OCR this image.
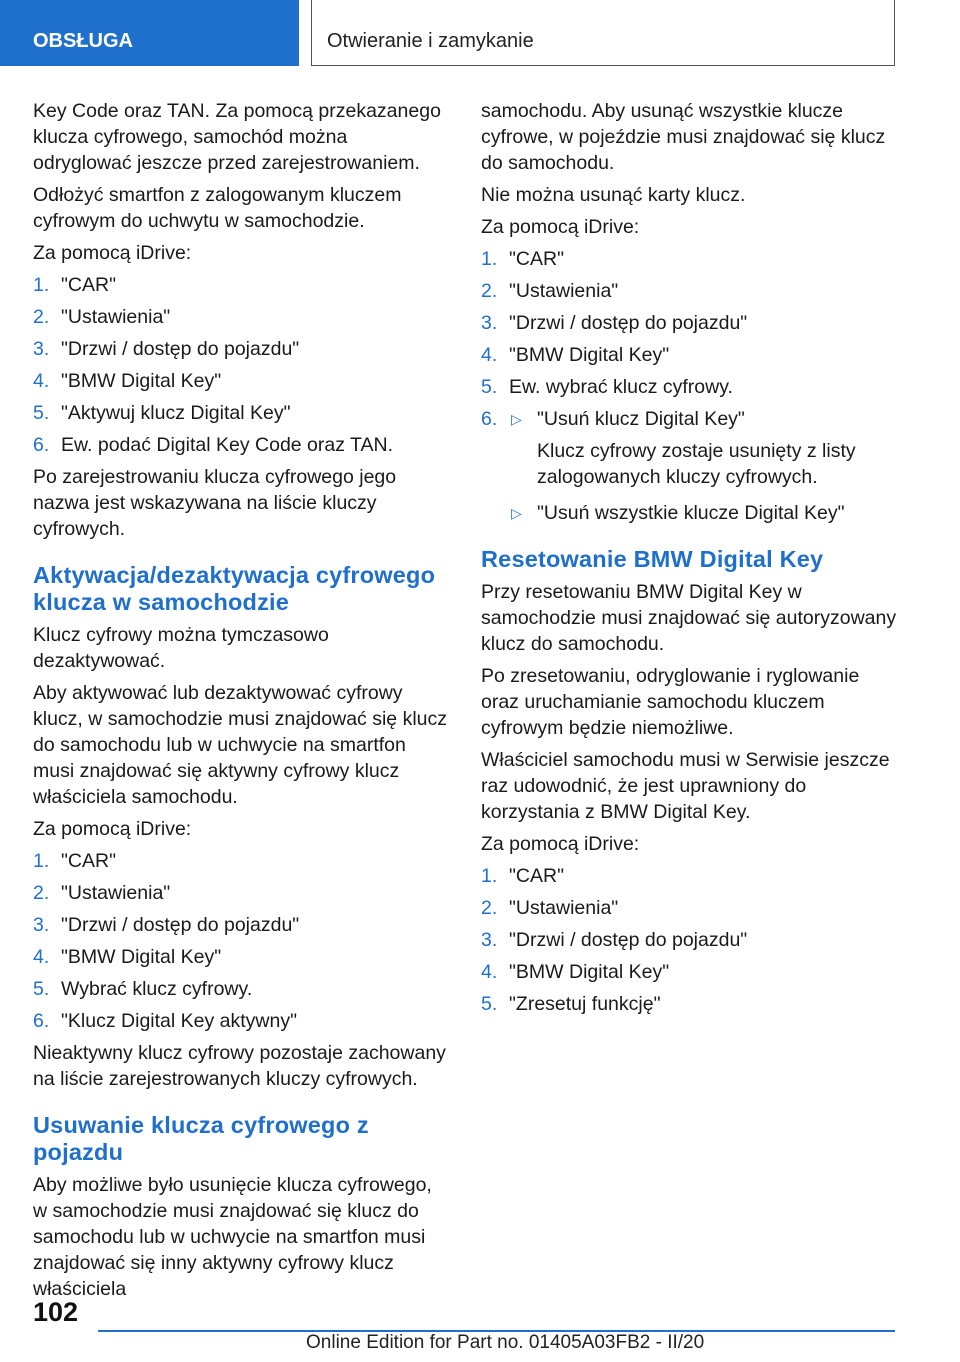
OBSŁUGA	Otwieranie i zamykanie

Key Code oraz TAN. Za pomocą przekazanego klucza cyfrowego, samochód można odryglować jeszcze przed zarejestrowaniem.

Odłożyć smartfon z zalogowanym kluczem cyfrowym do uchwytu w samochodzie.

Za pomocą iDrive:

1. "CAR"
2. "Ustawienia"
3. "Drzwi / dostęp do pojazdu"
4. "BMW Digital Key"
5. "Aktywuj klucz Digital Key"
6. Ew. podać Digital Key Code oraz TAN.

Po zarejestrowaniu klucza cyfrowego jego nazwa jest wskazywana na liście kluczy cyfrowych.

Aktywacja/dezaktywacja cyfrowego klucza w samochodzie

Klucz cyfrowy można tymczasowo dezaktywować.

Aby aktywować lub dezaktywować cyfrowy klucz, w samochodzie musi znajdować się klucz do samochodu lub w uchwycie na smartfon musi znajdować się aktywny cyfrowy klucz właściciela samochodu.

Za pomocą iDrive:

1. "CAR"
2. "Ustawienia"
3. "Drzwi / dostęp do pojazdu"
4. "BMW Digital Key"
5. Wybrać klucz cyfrowy.
6. "Klucz Digital Key aktywny"

Nieaktywny klucz cyfrowy pozostaje zachowany na liście zarejestrowanych kluczy cyfrowych.

Usuwanie klucza cyfrowego z pojazdu

Aby możliwe było usunięcie klucza cyfrowego, w samochodzie musi znajdować się klucz do samochodu lub w uchwycie na smartfon musi znajdować się inny aktywny cyfrowy klucz właściciela

samochodu. Aby usunąć wszystkie klucze cyfrowe, w pojeździe musi znajdować się klucz do samochodu.

Nie można usunąć karty klucz.

Za pomocą iDrive:

1. "CAR"
2. "Ustawienia"
3. "Drzwi / dostęp do pojazdu"
4. "BMW Digital Key"
5. Ew. wybrać klucz cyfrowy.
6. ▷ "Usuń klucz Digital Key"
Klucz cyfrowy zostaje usunięty z listy zalogowanych kluczy cyfrowych.
▷ "Usuń wszystkie klucze Digital Key"
Resetowanie BMW Digital Key

Przy resetowaniu BMW Digital Key w samochodzie musi znajdować się autoryzowany klucz do samochodu.

Po zresetowaniu, odryglowanie i ryglowanie oraz uruchamianie samochodu kluczem cyfrowym będzie niemożliwe.

Właściciel samochodu musi w Serwisie jeszcze raz udowodnić, że jest uprawniony do korzystania z BMW Digital Key.

Za pomocą iDrive:

1. "CAR"
2. "Ustawienia"
3. "Drzwi / dostęp do pojazdu"
4. "BMW Digital Key"
5. "Zresetuj funkcję"
102
Online Edition for Part no. 01405A03FB2 - II/20
